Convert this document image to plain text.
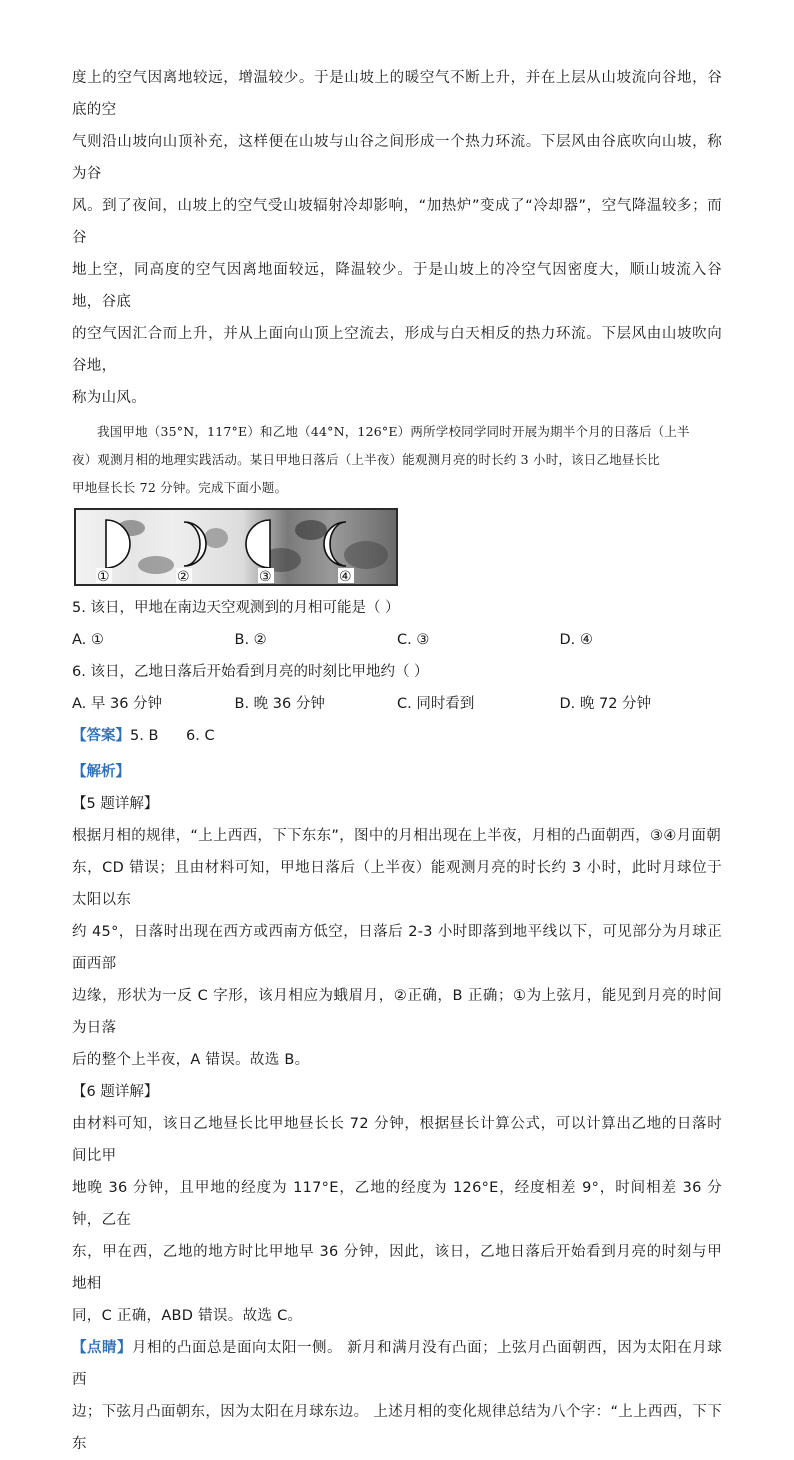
度上的空气因离地较远，增温较少。于是山坡上的暖空气不断上升，并在上层从山坡流向谷地，谷底的空

气则沿山坡向山顶补充，这样便在山坡与山谷之间形成一个热力环流。下层风由谷底吹向山坡，称为谷

风。到了夜间，山坡上的空气受山坡辐射冷却影响，“加热炉”变成了“冷却器”，空气降温较多；而谷

地上空，同高度的空气因离地面较远，降温较少。于是山坡上的冷空气因密度大，顺山坡流入谷地，谷底

的空气因汇合而上升，并从上面向山顶上空流去，形成与白天相反的热力环流。下层风由山坡吹向谷地，

称为山风。

我国甲地（35°N，117°E）和乙地（44°N，126°E）两所学校同学同时开展为期半个月的日落后（上半

夜）观测月相的地理实践活动。某日甲地日落后（上半夜）能观测月亮的时长约 3 小时，该日乙地昼长比

甲地昼长长 72 分钟。完成下面小题。

①	②	③	④

5. 该日，甲地在南边天空观测到的月相可能是（ ）

A. ①	B. ②	C. ③	D. ④

6. 该日，乙地日落后开始看到月亮的时刻比甲地约（ ）

A. 早 36 分钟	B. 晚 36 分钟	C. 同时看到	D. 晚 72 分钟

【答案】5. B      6. C

【解析】

【5 题详解】

根据月相的规律，“上上西西，下下东东”，图中的月相出现在上半夜，月相的凸面朝西，③④月面朝

东，CD 错误；且由材料可知，甲地日落后（上半夜）能观测月亮的时长约 3 小时，此时月球位于太阳以东

约 45°，日落时出现在西方或西南方低空，日落后 2-3 小时即落到地平线以下，可见部分为月球正面西部

边缘，形状为一反 C 字形，该月相应为蛾眉月，②正确，B 正确；①为上弦月，能见到月亮的时间为日落

后的整个上半夜，A 错误。故选 B。

【6 题详解】

由材料可知，该日乙地昼长比甲地昼长长 72 分钟，根据昼长计算公式，可以计算出乙地的日落时间比甲

地晚 36 分钟，且甲地的经度为 117°E，乙地的经度为 126°E，经度相差 9°，时间相差 36 分钟，乙在

东，甲在西，乙地的地方时比甲地早 36 分钟，因此，该日，乙地日落后开始看到月亮的时刻与甲地相

同，C 正确，ABD 错误。故选 C。

【点睛】月相的凸面总是面向太阳一侧。 新月和满月没有凸面；上弦月凸面朝西，因为太阳在月球西

边；下弦月凸面朝东，因为太阳在月球东边。 上述月相的变化规律总结为八个字：“上上西西，下下东
